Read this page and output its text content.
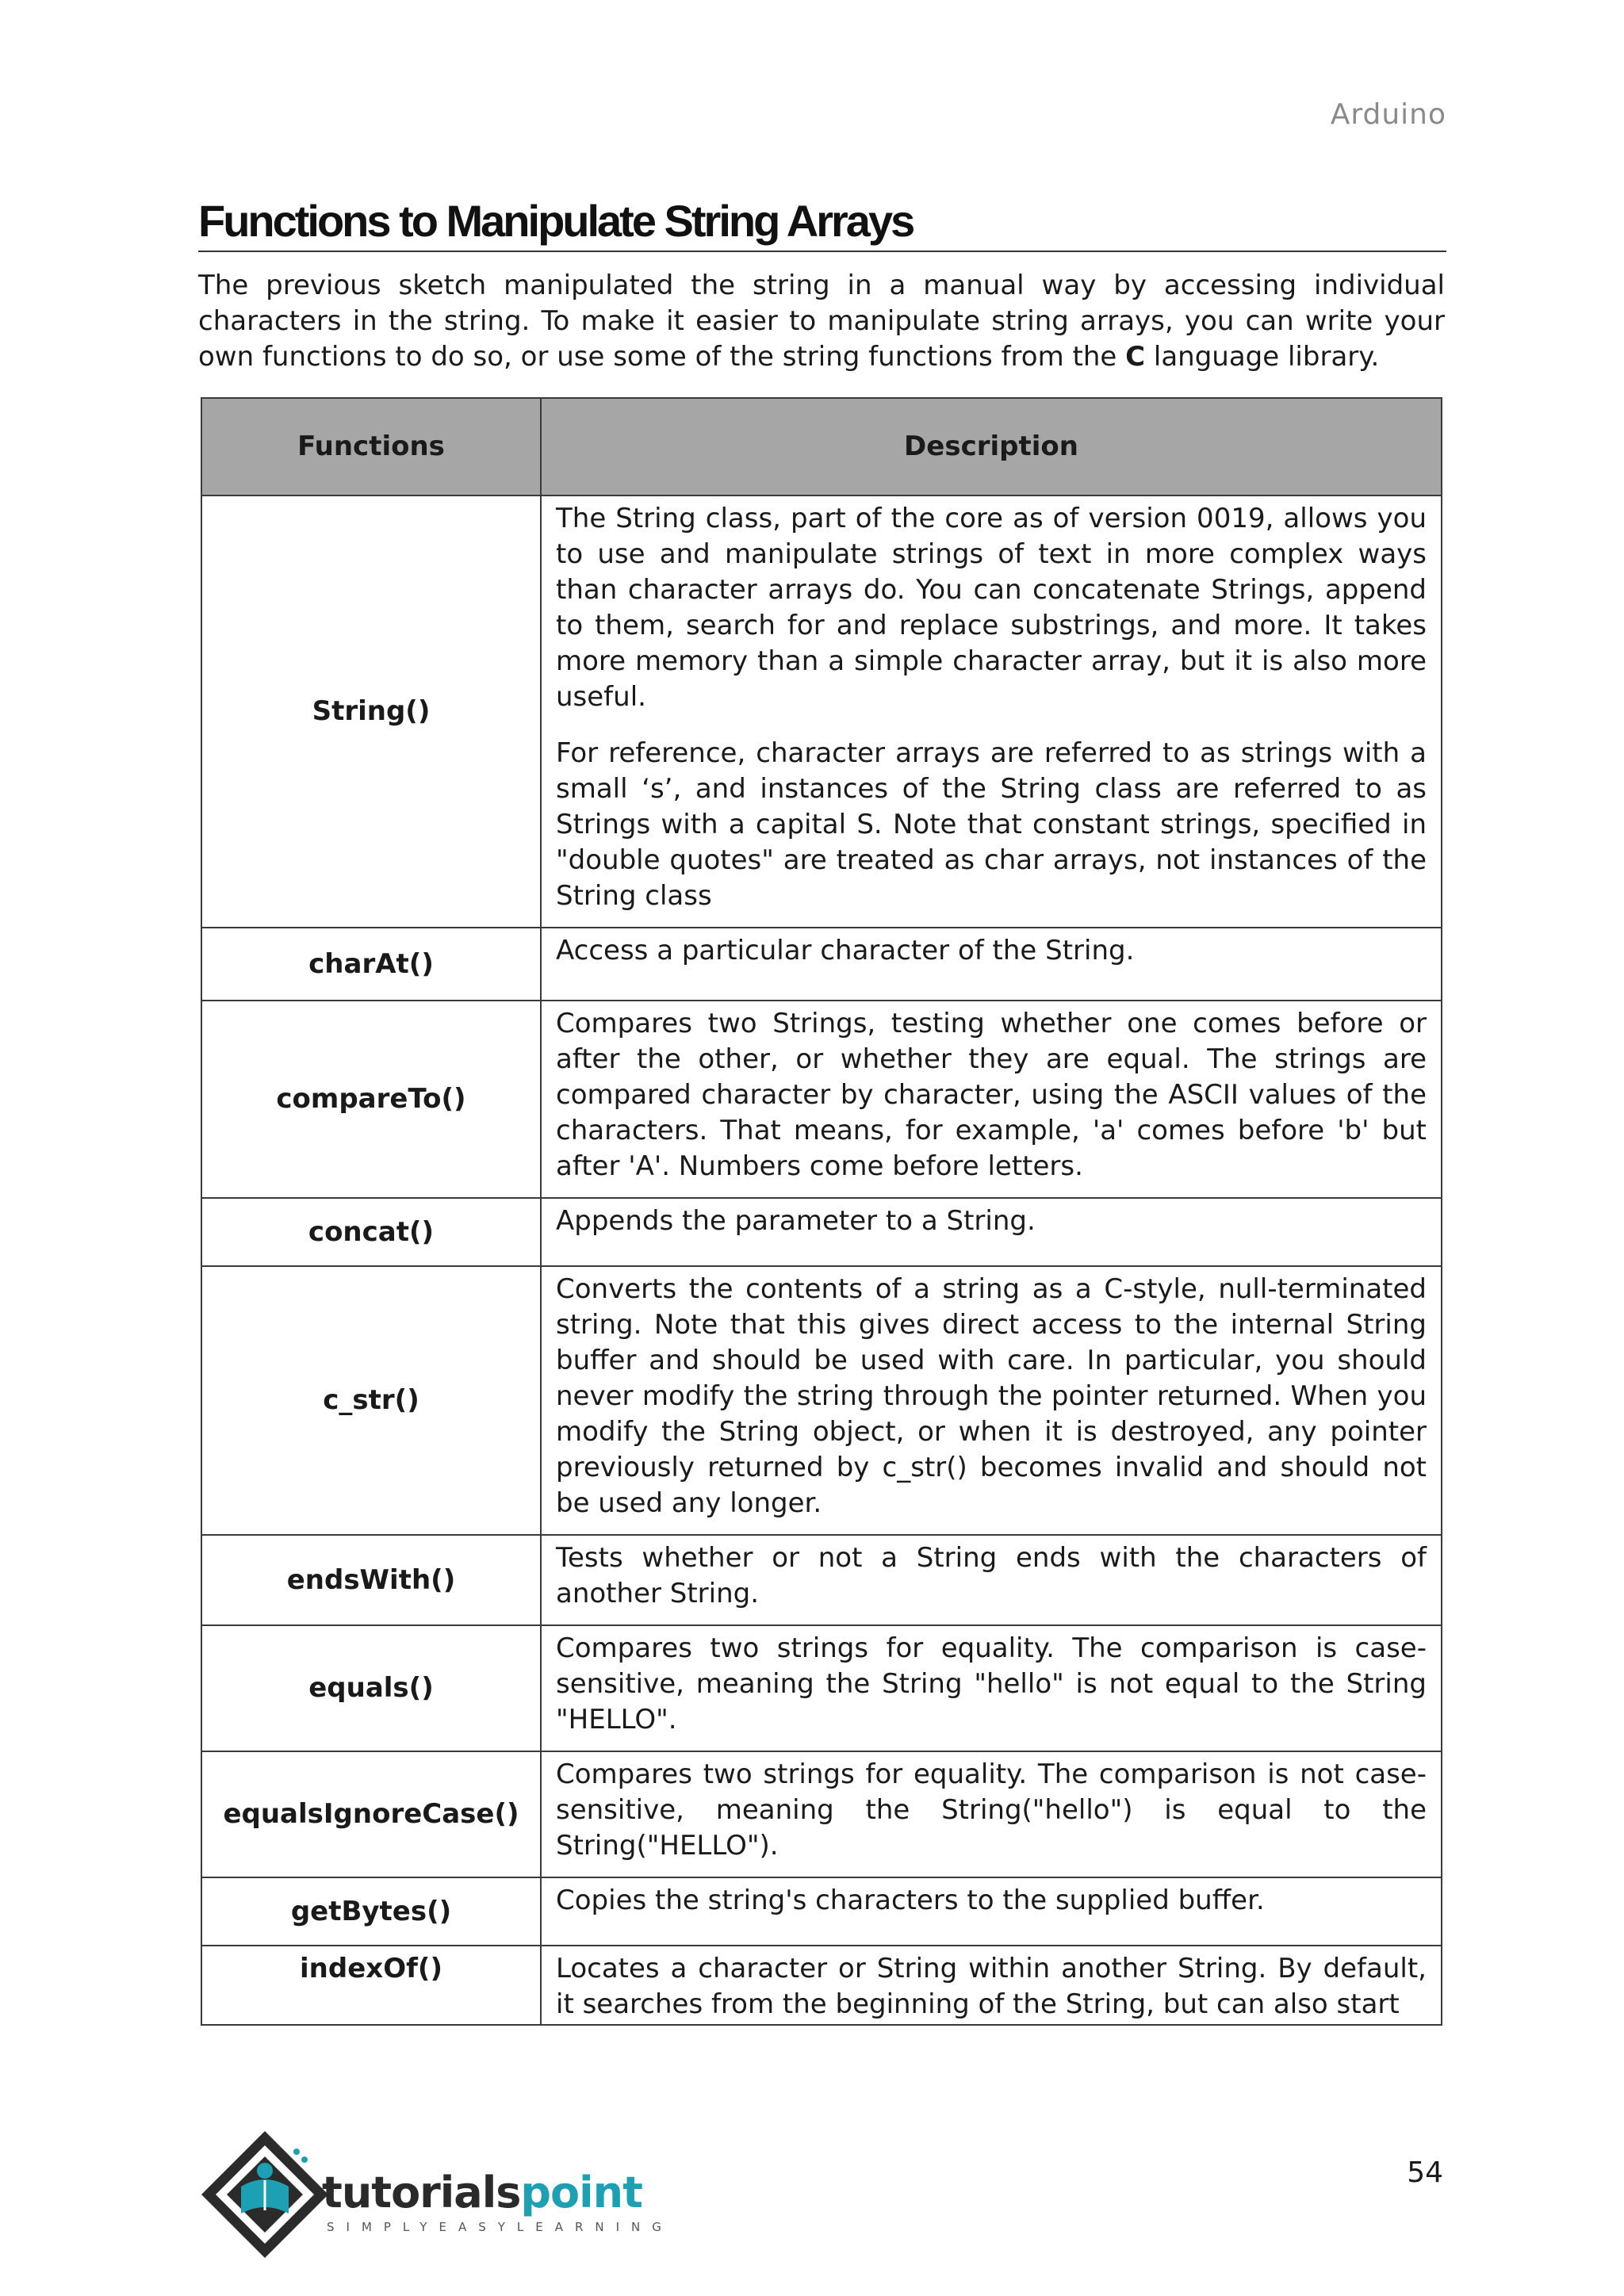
Arduino
Functions to Manipulate String Arrays

The previous sketch manipulated the string in a manual way by accessing individual characters in the string. To make it easier to manipulate string arrays, you can write your own functions to do so, or use some of the string functions from the C language library.

Functions	Description
String()	The String class, part of the core as of version 0019, allows you to use and manipulate strings of text in more complex ways than character arrays do. You can concatenate Strings, append to them, search for and replace substrings, and more. It takes more memory than a simple character array, but it is also more useful.

For reference, character arrays are referred to as strings with a small ‘s’, and instances of the String class are referred to as Strings with a capital S. Note that constant strings, specified in "double quotes" are treated as char arrays, not instances of the String class

charAt()	Access a particular character of the String.

compareTo()	Compares two Strings, testing whether one comes before or after the other, or whether they are equal. The strings are compared character by character, using the ASCII values of the characters. That means, for example, 'a' comes before 'b' but after 'A'. Numbers come before letters.

concat()	Appends the parameter to a String.

c_str()	Converts the contents of a string as a C-style, null-terminated string. Note that this gives direct access to the internal String buffer and should be used with care. In particular, you should never modify the string through the pointer returned. When you modify the String object, or when it is destroyed, any pointer previously returned by c_str() becomes invalid and should not be used any longer.

endsWith()	Tests whether or not a String ends with the characters of another String.

equals()	Compares two strings for equality. The comparison is case-sensitive, meaning the String "hello" is not equal to the String "HELLO".

equalsIgnoreCase()	Compares two strings for equality. The comparison is not case-sensitive, meaning the String("hello") is equal to the String("HELLO").

getBytes()	Copies the string's characters to the supplied buffer.

indexOf()	Locates a character or String within another String. By default, it searches from the beginning of the String, but can also start

tutorialspoint
SIMPLYEASYLEARNING
54
